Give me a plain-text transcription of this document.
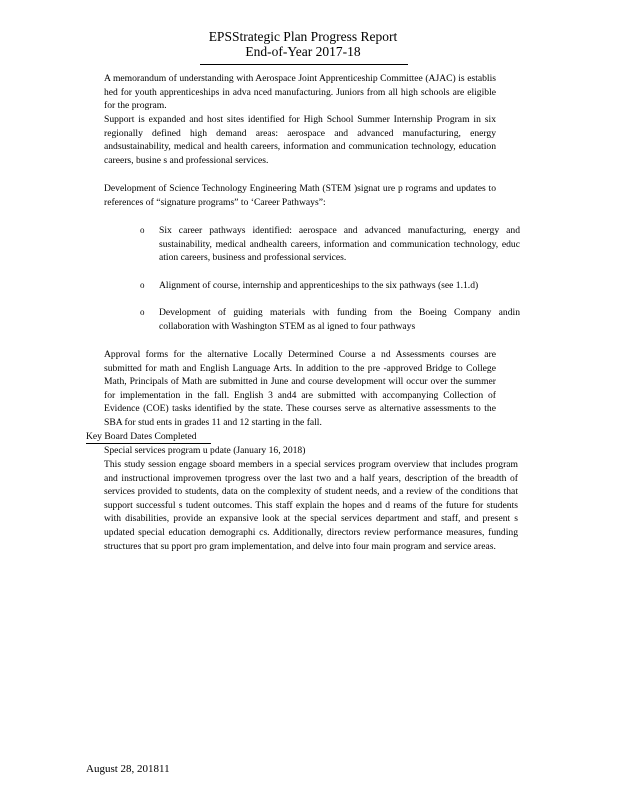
EPSStrategic Plan Progress Report
End-of-Year 2017-18
A memorandum of understanding with Aerospace Joint Apprenticeship Committee (AJAC) is establis hed for youth apprenticeships in adva nced manufacturing. Juniors from all high schools are eligible for the program.
Support is expanded and host sites identified for High School Summer Internship Program in six regionally defined high demand areas: aerospace and advanced manufacturing, energy andsustainability, medical and health careers, information and communication technology, education careers, busine s and professional services.
Development of Science Technology Engineering Math (STEM )signat ure p rograms and updates to references of “signature programs” to ‘Career Pathways”:
o	Six career pathways identified: aerospace and advanced manufacturing, energy and sustainability, medical andhealth careers, information and communication technology, educ ation careers, business and professional services.
o	Alignment of course, internship and apprenticeships to the six pathways (see 1.1.d)
o	Development of guiding materials with funding from the Boeing Company andin collaboration with Washington STEM as al igned to four pathways
Approval forms for the alternative Locally Determined Course a nd Assessments courses are submitted for math and English Language Arts. In addition to the pre -approved Bridge to College Math, Principals of Math are submitted in June and course development will occur over the summer for implementation in the fall. English 3 and4 are submitted with accompanying Collection of Evidence (COE) tasks identified by the state. These courses serve as alternative assessments to the SBA for stud ents in grades 11 and 12 starting in the fall.
Key Board Dates Completed
Special services program u pdate (January 16, 2018)
This study session engage sboard members in a special services program overview that includes program and instructional improvemen tprogress over the last two and a half years, description of the breadth of services provided to students, data on the complexity of student needs, and a review of the conditions that support successful s tudent outcomes. This staff explain the hopes and d reams of the future for students with disabilities, provide an expansive look at the special services department and staff, and present s updated special education demographi cs. Additionally, directors review performance measures, funding structures that su pport pro gram implementation, and delve into four main program and service areas.
August 28, 201811
